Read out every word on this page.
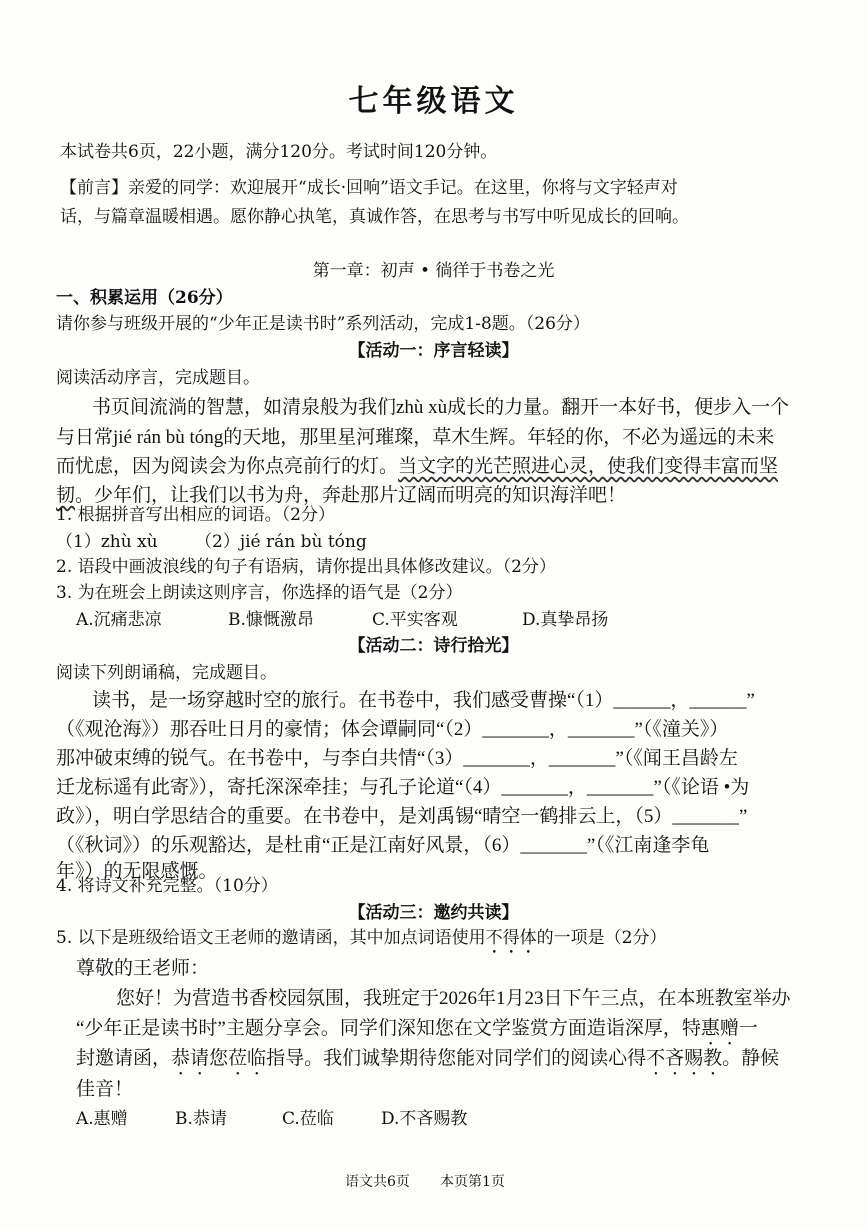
七年级语文
本试卷共6页，22小题，满分120分。考试时间120分钟。
【前言】亲爱的同学：欢迎展开“成长·回响”语文手记。在这里，你将与文字轻声对
话，与篇章温暖相遇。愿你静心执笔，真诚作答，在思考与书写中听见成长的回响。
第一章：初声 • 徜徉于书卷之光
一、积累运用（26分）
请你参与班级开展的“少年正是读书时”系列活动，完成1-8题。（26分）
【活动一：序言轻读】
阅读活动序言，完成题目。
书页间流淌的智慧，如清泉般为我们zhù xù成长的力量。翻开一本好书，便步入一个
与日常jié rán bù tóng的天地，那里星河璀璨，草木生辉。年轻的你，不必为遥远的未来
而忧虑，因为阅读会为你点亮前行的灯。当文字的光芒照进心灵，使我们变得丰富而坚
韧。少年们，让我们以书为舟，奔赴那片辽阔而明亮的知识海洋吧！
1. 根据拼音写出相应的词语。（2分）
（1）zhù xù （2）jié rán bù tóng
2. 语段中画波浪线的句子有语病，请你提出具体修改建议。（2分）
3. 为在班会上朗读这则序言，你选择的语气是（2分）
A.沉痛悲凉	B.慷慨激昂	C.平实客观	D.真挚昂扬
【活动二：诗行拾光】
阅读下列朗诵稿，完成题目。
读书，是一场穿越时空的旅行。在书卷中，我们感受曹操“（1）______，______”
（《观沧海》）那吞吐日月的豪情；体会谭嗣同“（2）_______，_______”（《潼关》）
那冲破束缚的锐气。在书卷中，与李白共情“（3）_______，_______”（《闻王昌龄左
迁龙标遥有此寄》），寄托深深牵挂；与孔子论道“（4）_______，_______”（《论语 •为
政》），明白学思结合的重要。在书卷中，是刘禹锡“晴空一鹤排云上，（5）_______”
（《秋词》）的乐观豁达，是杜甫“正是江南好风景，（6）_______”（《江南逢李龟
年》）的无限感慨。
4. 将诗文补充完整。（10分）
【活动三：邀约共读】
5. 以下是班级给语文王老师的邀请函，其中加点词语使用不得体的一项是（2分）
尊敬的王老师：
您好！为营造书香校园氛围，我班定于2026年1月23日下午三点，在本班教室举办
“少年正是读书时”主题分享会。同学们深知您在文学鉴赏方面造诣深厚，特惠赠一
封邀请函，恭请您莅临指导。我们诚挚期待您能对同学们的阅读心得不吝赐教。静候
佳音！
A.惠赠	B.恭请	C.莅临	D.不吝赐教
语文共6页 本页第1页
